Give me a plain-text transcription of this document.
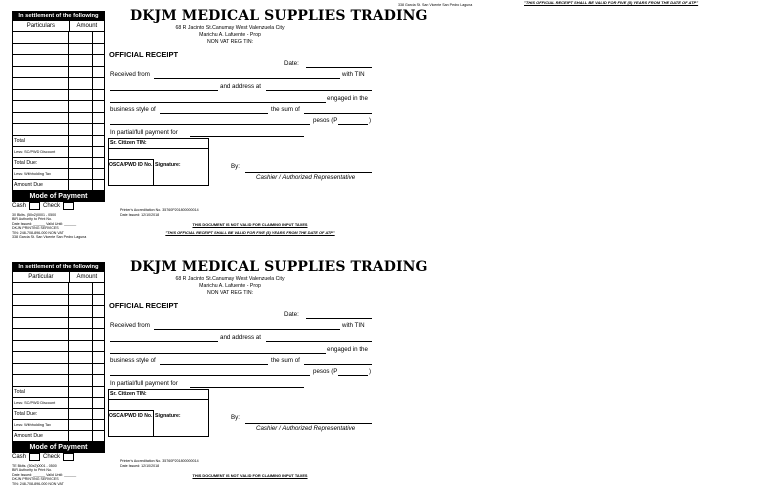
338 Garcia St. San Vicente San Pedro Laguna	"THIS OFFICIAL RECEIPT SHALL BE VALID FOR FIVE (5) YEARS FROM THE DATE OF ATP"
In settlement of the following
Particulars	Amount
Total
Less: SC/PWD Discount
Total Due:
Less: Withholding Tax
Amount Due
Mode of Payment
Cash	Check
30 Bklts. (50x2)0001 - 0500
BIR Authority to Print No.
Date Issued: ______ Valid Until: ______
DKJN PRINTING SERVICES
TIN: 248-708-896-000 NON VAT
338 Garcia St. San Vicente San Pedro Laguna
DKJM MEDICAL SUPPLIES TRADING
68 R Jacinto St.Canumay West Valenzuela City
Marichu A. Lafuente - Prop
NON VAT REG TIN:
OFFICIAL RECEIPT
Date:
Received from	with TIN
and address at
engaged in the
business style of	the sum of
pesos (P	)
In partial/full payment for
Sr. Citizen TIN:
OSCA/PWD ID No. Signature:	By:
Cashier / Authorized Representative
Printer's Accreditation No. 35760P201800000014
Date Issued: 12/10/2018
THIS DOCUMENT IS NOT VALID FOR CLAIMING INPUT TAXES
"THIS OFFICIAL RECEIPT SHALL BE VALID FOR FIVE (5) YEARS FROM THE DATE OF ATP"
In settlement of the following
Particular	Amount
Total
Less: SC/PWD Discount
Total Due:
Less: Withholding Tax
Amount Due
Mode of Payment
Cash	Check
TE Bklts. (50x2)0001 - 0500
BIR Authority to Print No.
Date Issued: ______ Valid Until: ______
DKJN PRINTING SERVICES
TIN: 248-708-896-000 NON VAT
DKJM MEDICAL SUPPLIES TRADING
68 R Jacinto St.Canumay West Valenzuela City
Marichu A. Lafuente - Prop
NON VAT REG TIN:
OFFICIAL RECEIPT
Date:
Received from	with TIN
and address at
engaged in the
business style of	the sum of
pesos (P	)
In partial/full payment for
Sr. Citizen TIN:
OSCA/PWD ID No. Signature:	By:
Cashier / Authorized Representative
Printer's Accreditation No. 35760P201800000014
Date Issued: 12/10/2018
THIS DOCUMENT IS NOT VALID FOR CLAIMING INPUT TAXES
